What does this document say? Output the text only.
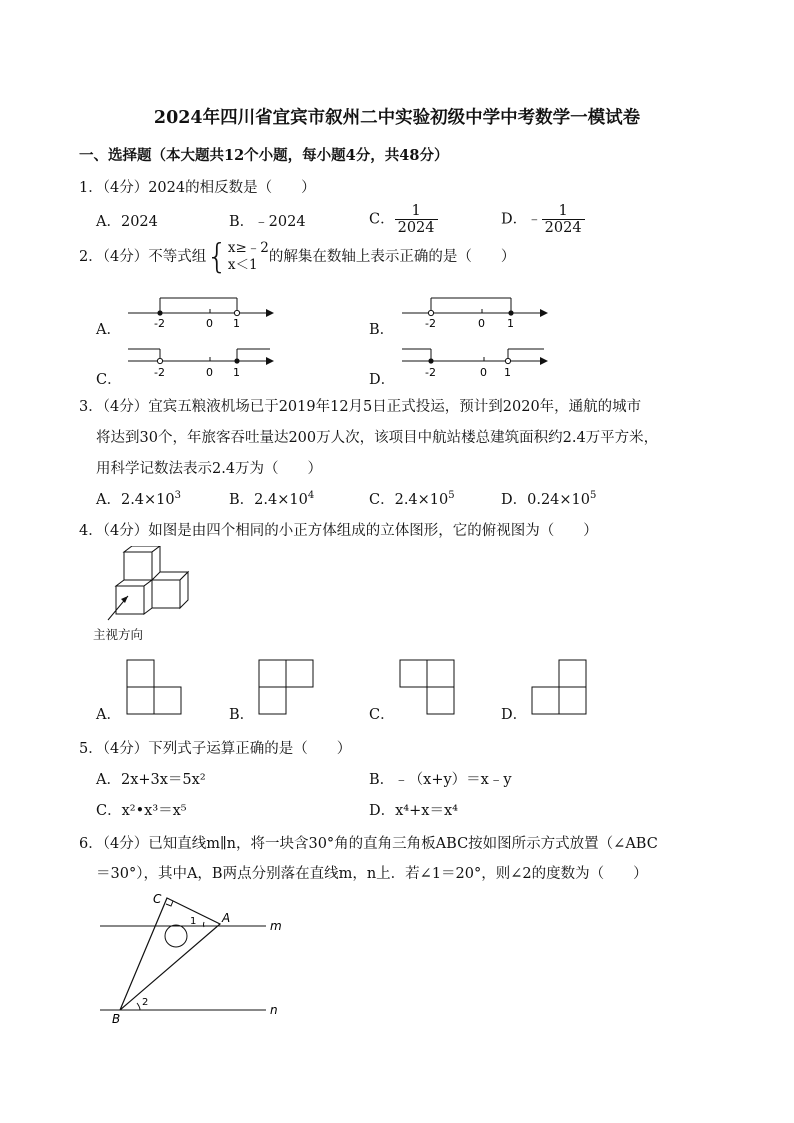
2024年四川省宜宾市叙州二中实验初级中学中考数学一模试卷
一、选择题（本大题共12个小题，每小题4分，共48分）
1．（4分）2024的相反数是（　　）
A．2024	B．﹣2024	C． $\frac{1}{2024}$	D．﹣ $\frac{1}{2024}$
2．（4分）不等式组{ x≥﹣2
x＜1 的解集在数轴上表示正确的是（　　）
A．	B．
C．	D．
-2	0 1	-2	0 1
-2	0 1	-2	0 1
3．（4分）宜宾五粮液机场已于2019年12月5日正式投运，预计到2020年，通航的城市
将达到30个，年旅客吞吐量达200万人次，该项目中航站楼总建筑面积约2.4万平方米，
用科学记数法表示2.4万为（　　）
A．$2.4\times 10^3$	B．$2.4\times 10^4$	C．$2.4\times 10^5$	D．$0.24\times 10^5$
4．（4分）如图是由四个相同的小正方体组成的立体图形，它的俯视图为（　　）
主视方向
A．	B．	C．	D．
5．（4分）下列式子运算正确的是（　　）
A．2x+3x＝5x²	B．﹣（x+y）＝x﹣y
C．x²•x³＝x⁵	D．x⁴+x＝x⁴
6．（4分）已知直线m∥n，将一块含30°角的直角三角板ABC按如图所示方式放置（∠ABC
＝30°），其中A，B两点分别落在直线m，n上．若∠1＝20°，则∠2的度数为（　　）
C
A
B
m
n
1
2
